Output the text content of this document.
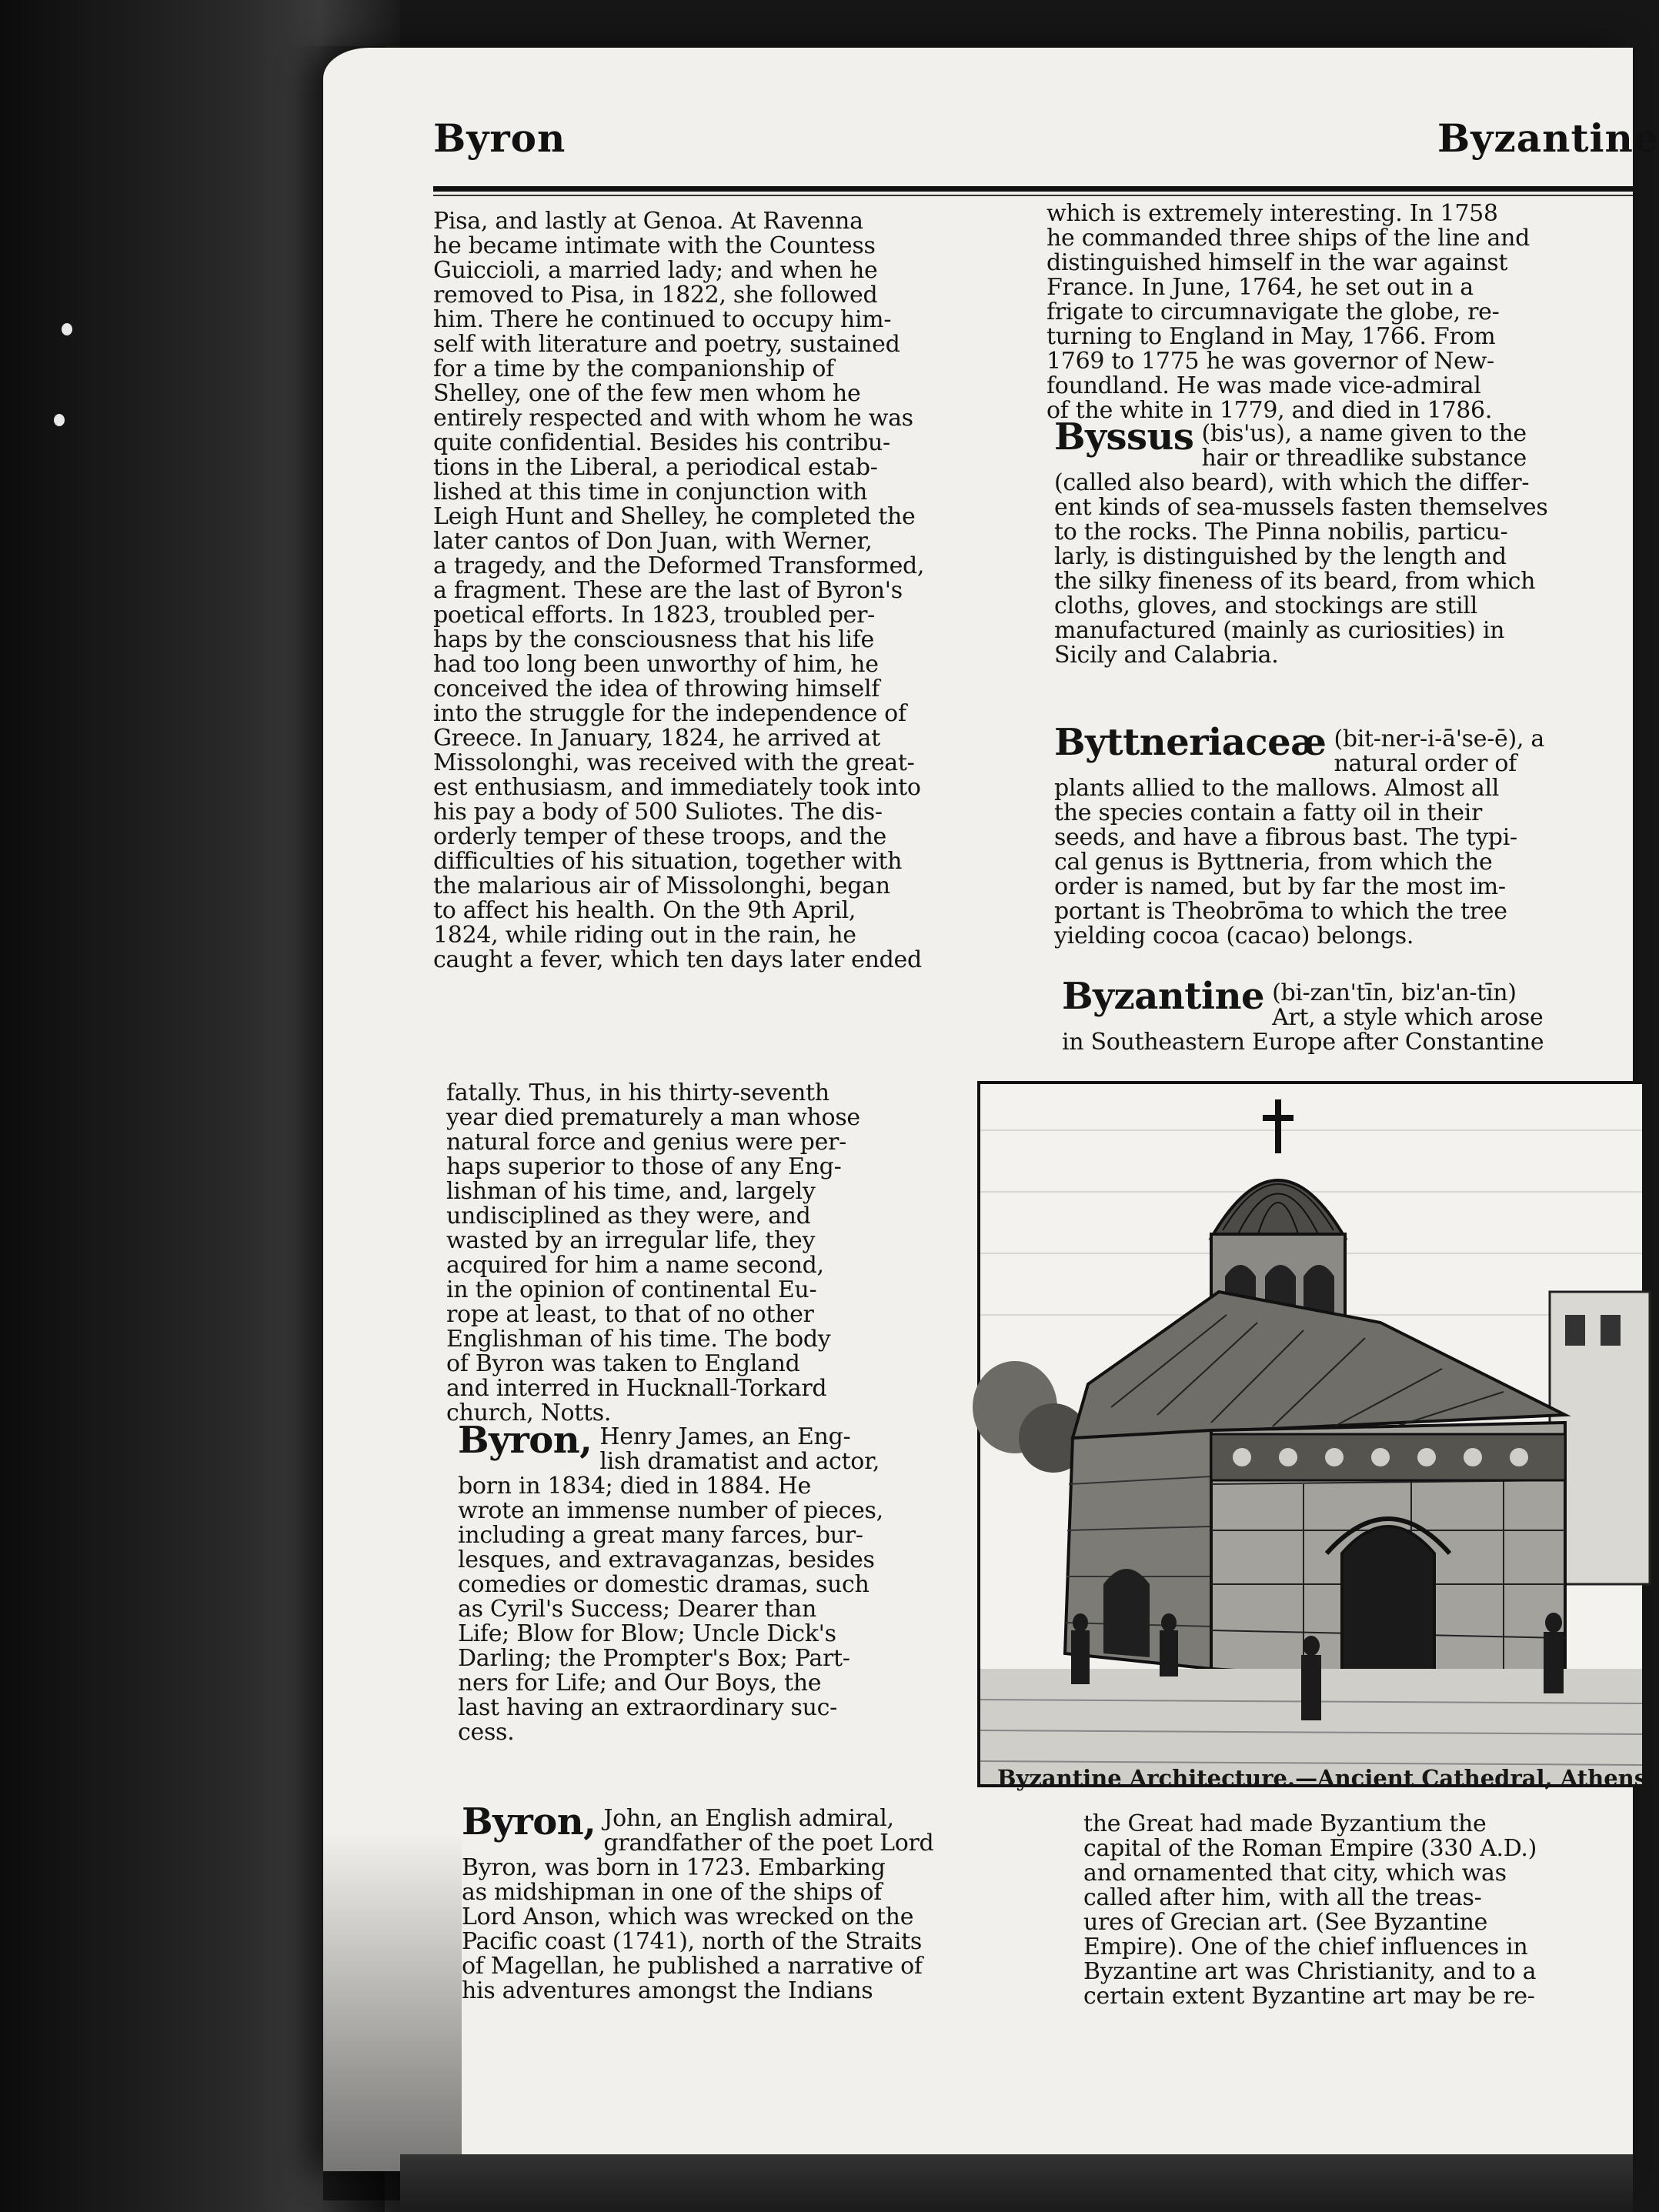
Byron	Byzantine
Pisa, and lastly at Genoa. At Ravenna
he became intimate with the Countess
Guiccioli, a married lady; and when he
removed to Pisa, in 1822, she followed
him. There he continued to occupy him-
self with literature and poetry, sustained
for a time by the companionship of
Shelley, one of the few men whom he
entirely respected and with whom he was
quite confidential. Besides his contribu-
tions in the Liberal, a periodical estab-
lished at this time in conjunction with
Leigh Hunt and Shelley, he completed the
later cantos of Don Juan, with Werner,
a tragedy, and the Deformed Transformed,
a fragment. These are the last of Byron's
poetical efforts. In 1823, troubled per-
haps by the consciousness that his life
had too long been unworthy of him, he
conceived the idea of throwing himself
into the struggle for the independence of
Greece. In January, 1824, he arrived at
Missolonghi, was received with the great-
est enthusiasm, and immediately took into
his pay a body of 500 Suliotes. The dis-
orderly temper of these troops, and the
difficulties of his situation, together with
the malarious air of Missolonghi, began
to affect his health. On the 9th April,
1824, while riding out in the rain, he
caught a fever, which ten days later ended
fatally. Thus, in his thirty-seventh
year died prematurely a man whose
natural force and genius were per-
haps superior to those of any Eng-
lishman of his time, and, largely
undisciplined as they were, and
wasted by an irregular life, they
acquired for him a name second,
in the opinion of continental Eu-
rope at least, to that of no other
Englishman of his time. The body
of Byron was taken to England
and interred in Hucknall-Torkard
church, Notts.
Byron, Henry James, an Eng-
lish dramatist and actor,
born in 1834; died in 1884. He
wrote an immense number of pieces,
including a great many farces, bur-
lesques, and extravaganzas, besides
comedies or domestic dramas, such
as Cyril's Success; Dearer than
Life; Blow for Blow; Uncle Dick's
Darling; the Prompter's Box; Part-
ners for Life; and Our Boys, the
last having an extraordinary suc-
cess.
Byron, John, an English admiral,
grandfather of the poet Lord
Byron, was born in 1723. Embarking
as midshipman in one of the ships of
Lord Anson, which was wrecked on the
Pacific coast (1741), north of the Straits
of Magellan, he published a narrative of
his adventures amongst the Indians
which is extremely interesting. In 1758
he commanded three ships of the line and
distinguished himself in the war against
France. In June, 1764, he set out in a
frigate to circumnavigate the globe, re-
turning to England in May, 1766. From
1769 to 1775 he was governor of New-
foundland. He was made vice-admiral
of the white in 1779, and died in 1786.
Byssus (bis'us), a name given to the
hair or threadlike substance
(called also beard), with which the differ-
ent kinds of sea-mussels fasten themselves
to the rocks. The Pinna nobilis, particu-
larly, is distinguished by the length and
the silky fineness of its beard, from which
cloths, gloves, and stockings are still
manufactured (mainly as curiosities) in
Sicily and Calabria.
Byttneriaceæ (bit-ner-i-ā'se-ē), a
natural order of
plants allied to the mallows. Almost all
the species contain a fatty oil in their
seeds, and have a fibrous bast. The typi-
cal genus is Byttneria, from which the
order is named, but by far the most im-
portant is Theobrōma to which the tree
yielding cocoa (cacao) belongs.
Byzantine (bi-zan'tīn, biz'an-tīn)
Art, a style which arose
in Southeastern Europe after Constantine
Byzantine Architecture.—Ancient Cathedral, Athens.
the Great had made Byzantium the
capital of the Roman Empire (330 A.D.)
and ornamented that city, which was
called after him, with all the treas-
ures of Grecian art. (See Byzantine
Empire). One of the chief influences in
Byzantine art was Christianity, and to a
certain extent Byzantine art may be re-
